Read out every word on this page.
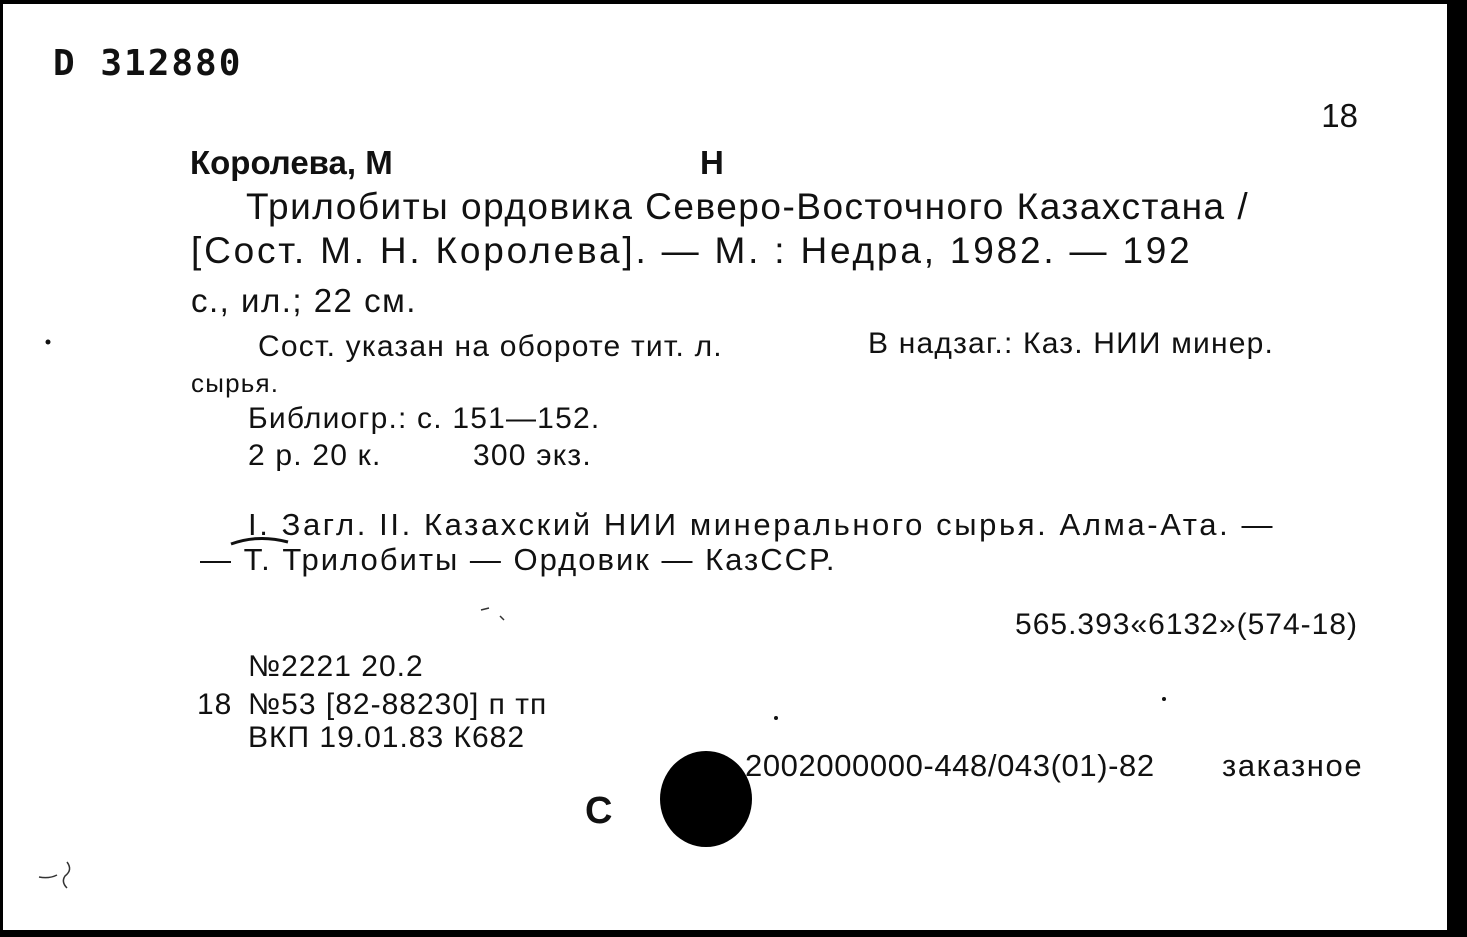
D 312880
18
Королева, М	Н
Трилобиты ордовика Северо-Восточного Казахстана /
[Сост. М. Н. Королева]. — М. : Недра, 1982. — 192
с., ил.; 22 см.
Сост. указан на обороте тит. л.	В надзаг.: Каз. НИИ минер.
сырья.
Библиогр.: с. 151—152.
2 р. 20 к.	300 экз.
I. Загл. II. Казахский НИИ минерального сырья. Алма-Ата. —
— Т. Трилобиты — Ордовик — КазССР.
565.393«6132»(574-18)
№2221 20.2
18 №53 [82-88230] п тп
ВКП 19.01.83 К682
2002000000-448/043(01)-82 заказное
С
